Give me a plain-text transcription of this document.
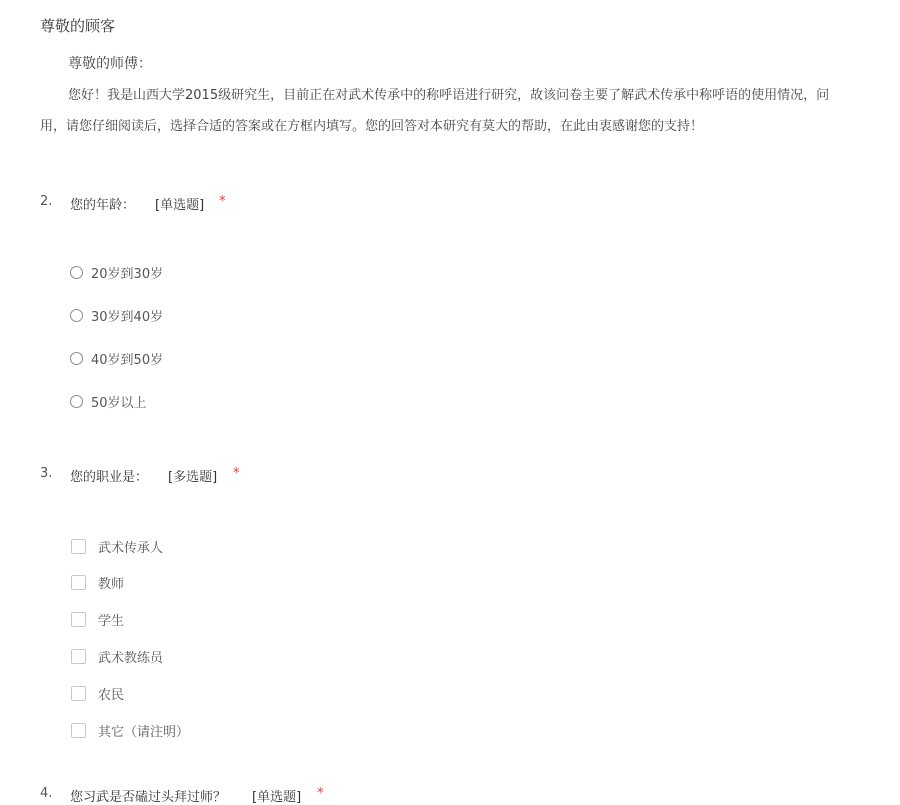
尊敬的顾客
尊敬的师傅：
您好！我是山西大学2015级研究生，目前正在对武术传承中的称呼语进行研究，故该问卷主要了解武术传承中称呼语的使用情况，问
用，请您仔细阅读后，选择合适的答案或在方框内填写。您的回答对本研究有莫大的帮助，在此由衷感谢您的支持！
2. 您的年龄： [单选题] *
20岁到30岁
30岁到40岁
40岁到50岁
50岁以上
3. 您的职业是： [多选题] *
武术传承人
教师
学生
武术教练员
农民
其它（请注明）
4. 您习武是否磕过头拜过师？ [单选题] *
